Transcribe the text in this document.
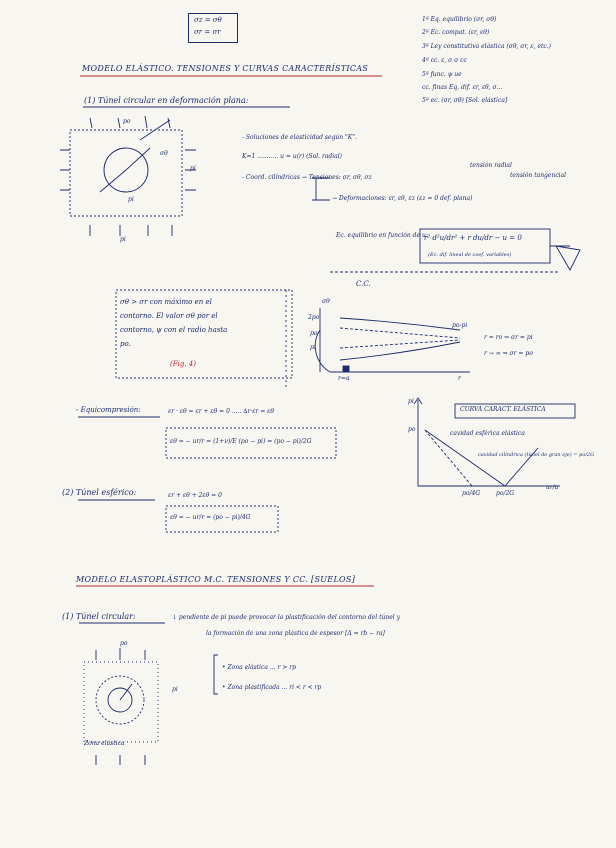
σz = σθ
σr = σr
1ª Eq. equilibrio (σr, σθ)
2ª Ec. compat. (εr, εθ)
3ª Ley constitutiva elástica (σθ, σr, ε, etc.)
4ª cc. ε, σ σ cc
5ª func. ψ ue
cc. finas Eq. dif. εr, εθ, σ...
5ª ec. (σr, σθ) [Sol. elástica]
MODELO ELÁSTICO. TENSIONES Y CURVAS CARACTERÍSTICAS
(1) Túnel circular en deformación plana:
- Soluciones de elasticidad según "K".
K=1 ........... u = u(r) (Sol. radial)
- Coord. cilíndricas → Tensiones: σr, σθ, σz
→ Deformaciones: εr, εθ, εz (εz = 0 def. plana)
tensión radial
tensión tangencial
Ec. equilibrio en función de u:
r² d²u/dr² + r du/dr − u = 0
(Ec. dif. lineal de coef. variables)
C.C.
po
pi
σθ
pi
pi
σθ
2po
po
pi
po-pi
r=a	r
r = ro ⇒ σr = pi
r → ∞ ⇒ σr = po
σθ > σr con máximo en el
contorno. El valor σθ por el
contorno, ψ con el radio hasta
po.
(Fig. 4)
- Equicompresión:	εr · εθ = εr + εθ = 0 ..... ∆r·εr = εθ
εθ = − ur/r = (1+ν)/E (po − pi) = (po − pi)/2G
CURVA CARACT. ELÁSTICA
pi
po
ur/a
po/4G	po/2G
cavidad esférica elástica
cavidad cilíndrica (túnel de gran eje) = po/2G
(2) Túnel esférico:	εr + εθ + 2εθ = 0
εθ = − ur/r = (po − pi)/4G
MODELO ELASTOPLÁSTICO M.C. TENSIONES Y CC. [SUELOS]
(1) Túnel circular:	↓ pendiente de pi puede provocar la plastificación del contorno del túnel y
la formación de una zona plástica de espesor [Δ = rb − ra]
• Zona elástica ... r > rp
• Zona plastificada ... ri < r < rp
po
pi
Zona elástica
